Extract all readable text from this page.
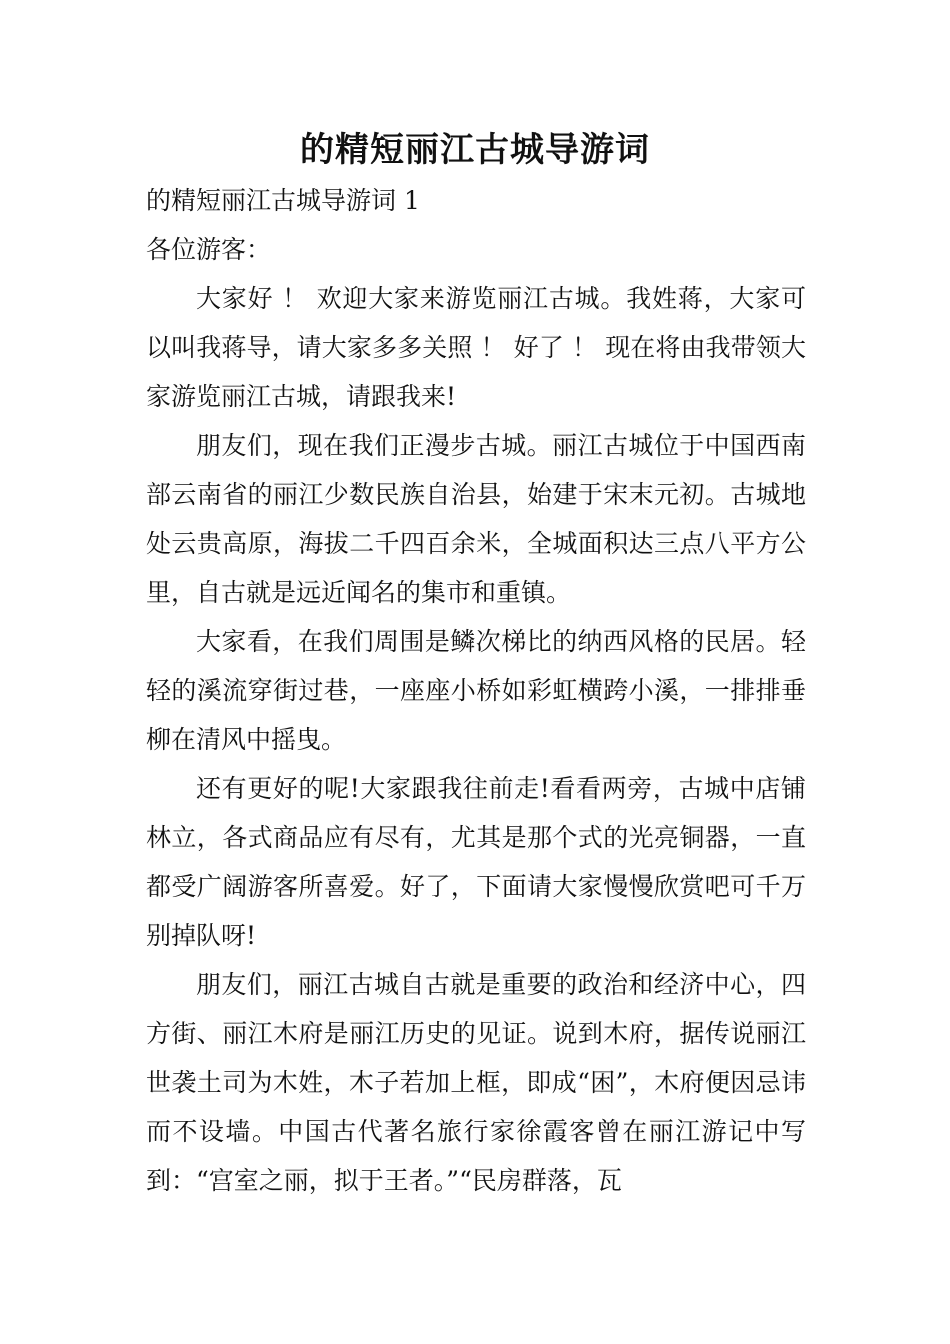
的精短丽江古城导游词

的精短丽江古城导游词 1

各位游客：

大家好 ！ 欢迎大家来游览丽江古城。我姓蒋，大家可以叫我蒋导，请大家多多关照 ！ 好了 ！ 现在将由我带领大家游览丽江古城，请跟我来!

朋友们，现在我们正漫步古城。丽江古城位于中国西南部云南省的丽江少数民族自治县，始建于宋末元初。古城地处云贵高原，海拔二千四百余米，全城面积达三点八平方公里，自古就是远近闻名的集市和重镇。

大家看，在我们周围是鳞次梯比的纳西风格的民居。轻轻的溪流穿街过巷，一座座小桥如彩虹横跨小溪，一排排垂柳在清风中摇曳。

还有更好的呢!大家跟我往前走!看看两旁，古城中店铺林立，各式商品应有尽有，尤其是那个式的光亮铜器，一直都受广阔游客所喜爱。好了，下面请大家慢慢欣赏吧可千万别掉队呀!

朋友们，丽江古城自古就是重要的政治和经济中心，四方街、丽江木府是丽江历史的见证。说到木府，据传说丽江世袭土司为木姓，木子若加上框，即成“困”，木府便因忌讳而不设墙。中国古代著名旅行家徐霞客曾在丽江游记中写到：“宫室之丽，拟于王者。”“民房群落，瓦
